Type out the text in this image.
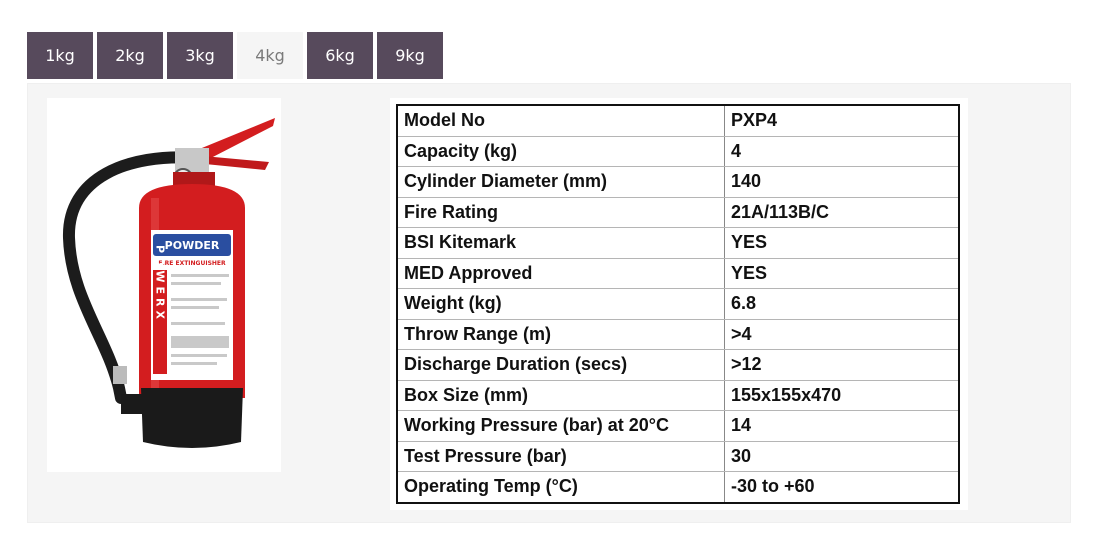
1kg	2kg	3kg	4kg	6kg	9kg
POWDER
FIRE EXTINGUISHER
POWERX
Model No	PXP4
Capacity (kg)	4
Cylinder Diameter (mm)	140
Fire Rating	21A/113B/C
BSI Kitemark	YES
MED Approved	YES
Weight (kg)	6.8
Throw Range (m)	>4
Discharge Duration (secs)	>12
Box Size (mm)	155x155x470
Working Pressure (bar) at 20°C	14
Test Pressure (bar)	30
Operating Temp (°C)	-30 to +60
